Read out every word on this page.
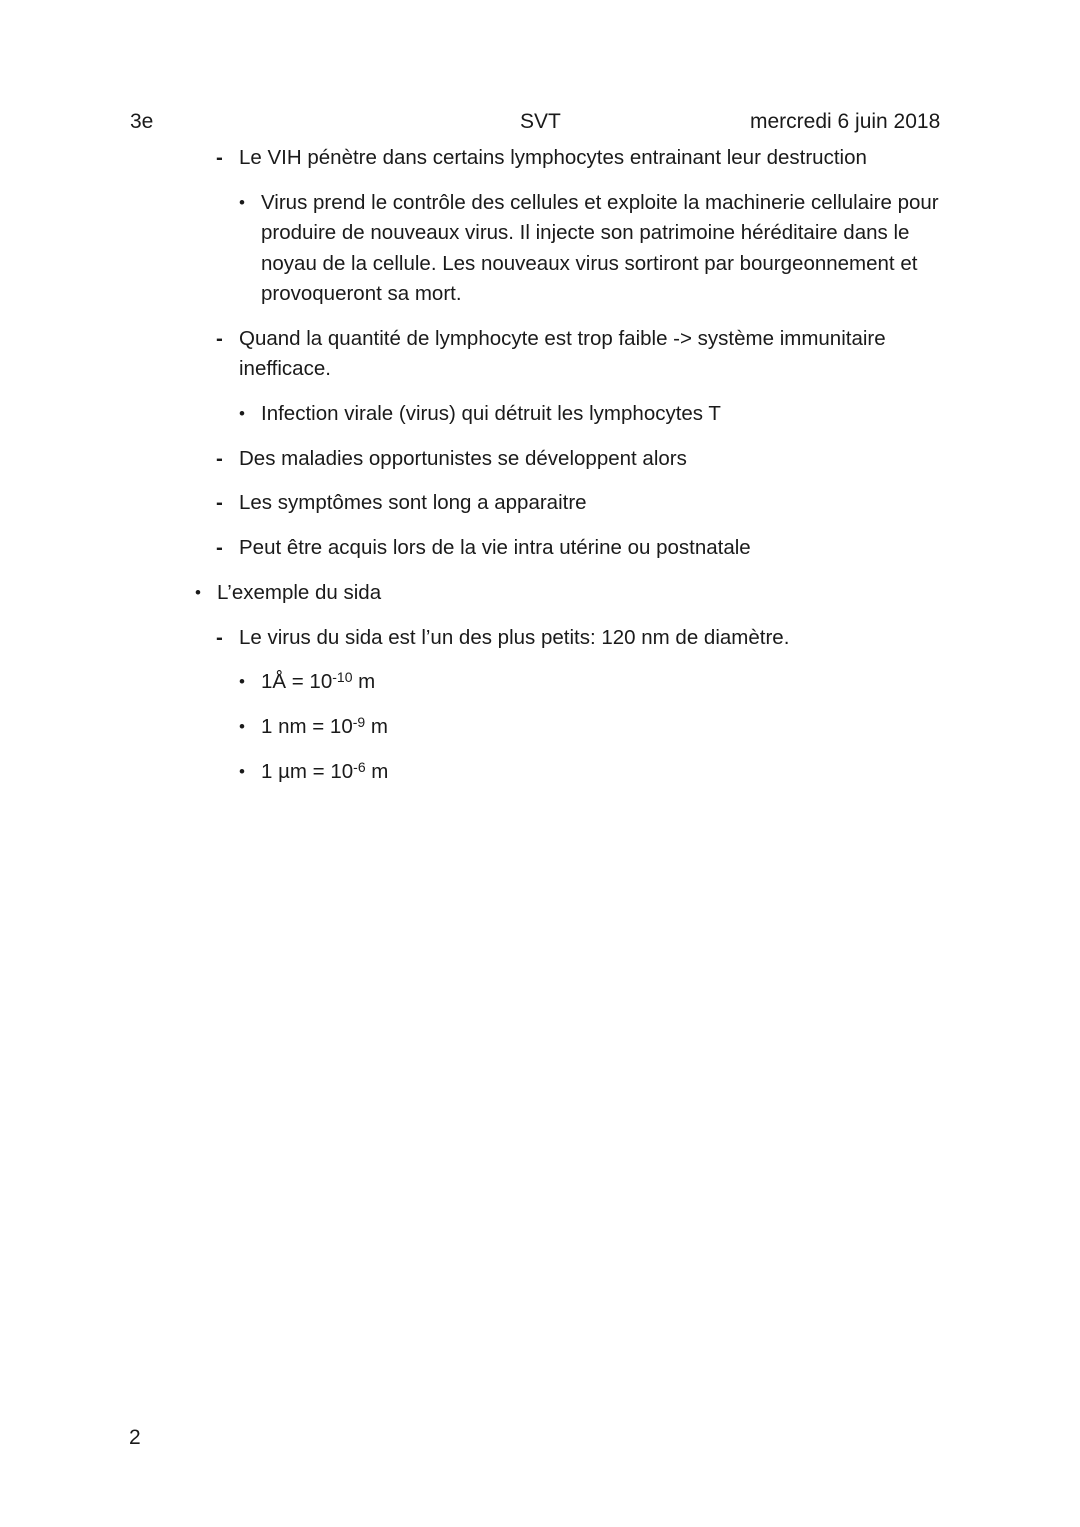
3e	SVT	mercredi 6 juin 2018
- Le VIH pénètre dans certains lymphocytes entrainant leur destruction
• Virus prend le contrôle des cellules et exploite la machinerie cellulaire pour produire de nouveaux virus. Il injecte son patrimoine héréditaire dans le noyau de la cellule. Les nouveaux virus sortiront par bourgeonnement et provoqueront sa mort.
- Quand la quantité de lymphocyte est trop faible -> système immunitaire inefficace.
• Infection virale (virus) qui détruit les lymphocytes T
- Des maladies opportunistes se développent alors
- Les symptômes sont long a apparaitre
- Peut être acquis lors de la vie intra utérine ou postnatale
• L’exemple du sida
- Le virus du sida est l’un des plus petits: 120 nm de diamètre.
• 1Å = $10^{-10}$ m
• 1 nm = $10^{-9}$ m
• 1 $\mu m = 10^{-6}$ m
2
